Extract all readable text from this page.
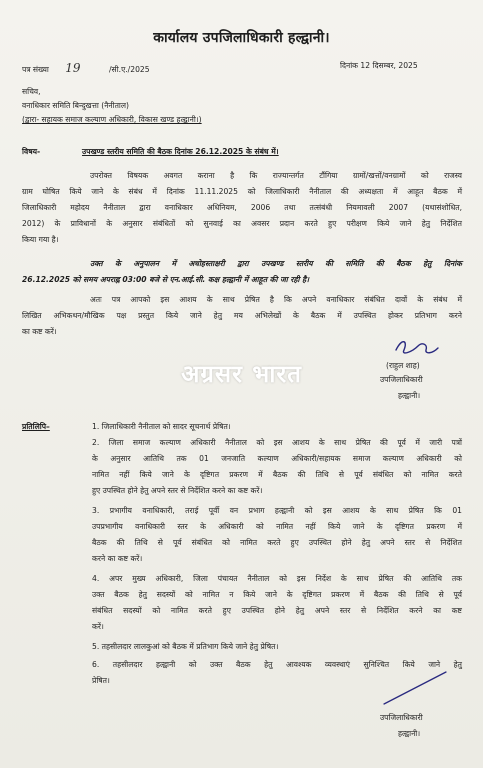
कार्यालय उपजिलाधिकारी हल्द्वानी।
पत्र संख्या 19	/सी.ए./2025	दिनांक 12 दिसम्बर, 2025
सचिव,
वनाधिकार समिति बिन्दुखत्ता (नैनीताल)
(द्वारा- सहायक समाज कल्याण अधिकारी, विकास खण्ड हल्द्वानी।)
विषय-	उपखण्ड स्तरीय समिति की बैठक दिनांक 26.12.2025 के संबंध में।
उपरोक्त विषयक अवगत कराना है कि राज्यान्तर्गत टौंगिया ग्रामों/खत्तों/वनग्रामों को राजस्व
ग्राम घोषित किये जाने के संबंध में दिनांक 11.11.2025 को जिलाधिकारी नैनीताल की अध्यक्षता में आहूत बैठक में
जिलाधिकारी महोदय नैनीताल द्वारा वनाधिकार अधिनियम, 2006 तथा तत्संबंधी नियमावली 2007 (यथासंशोधित,
2012) के प्राविधानों के अनुसार संबंधितों को सुनवाई का अवसर प्रदान करते हुए परीक्षण किये जाने हेतु निर्देशित
किया गया है।
उक्त के अनुपालन में अधोहस्ताक्षरी द्वारा उपखण्ड स्तरीय की समिति की बैठक हेतु दिनांक
26.12.2025 को समय अपराह्न 03:00 बजे से एन.आई.सी. कक्ष हल्द्वानी में आहूत की जा रही है।
अतः पत्र आपको इस आशय के साथ प्रेषित है कि अपने वनाधिकार संबंधित दावों के संबंध में
लिखित अभिकथन/मौखिक पक्ष प्रस्तुत किये जाने हेतु मय अभिलेखों के बैठक में उपस्थित होकर प्रतिभाग करने
का कष्ट करें।
(राहुल शाह)
उपजिलाधिकारी
हल्द्वानी।
अग्रसर भारत
प्रतिलिपि–	1. जिलाधिकारी नैनीताल को सादर सूचनार्थ प्रेषित।
2. जिला समाज कल्याण अधिकारी नैनीताल को इस आशय के साथ प्रेषित की पूर्व में जारी पत्रों
के अनुसार आतिथि तक 01 जनजाति कल्याण अधिकारी/सहायक समाज कल्याण अधिकारी को
नामित नहीं किये जाने के दृष्टिगत प्रकरण में बैठक की तिथि से पूर्व संबंधित को नामित करते
हुए उपस्थित होने हेतु अपने स्तर से निर्देशित करने का कष्ट करें।
3. प्रभागीय वनाधिकारी, तराई पूर्वी वन प्रभाग हल्द्वानी को इस आशय के साथ प्रेषित कि 01
उपप्रभागीय वनाधिकारी स्तर के अधिकारी को नामित नहीं किये जाने के दृष्टिगत प्रकरण में
बैठक की तिथि से पूर्व संबंधित को नामित करते हुए उपस्थित होने हेतु अपने स्तर से निर्देशित
करने का कष्ट करें।
4. अपर मुख्य अधिकारी, जिला पंचायत नैनीताल को इस निर्देश के साथ प्रेषित की आतिथि तक
उक्त बैठक हेतु सदस्यों को नामित न किये जाने के दृष्टिगत प्रकरण में बैठक की तिथि से पूर्व
संबंधित सदस्यों को नामित करते हुए उपस्थित होने हेतु अपने स्तर से निर्देशित करने का कष्ट
करें।
5. तहसीलदार लालकुआं को बैठक में प्रतिभाग किये जाने हेतु प्रेषित।
6. तहसीलदार हल्द्वानी को उक्त बैठक हेतु आवश्यक व्यवस्थाएं सुनिश्चित किये जाने हेतु
प्रेषित।
उपजिलाधिकारी
हल्द्वानी।
